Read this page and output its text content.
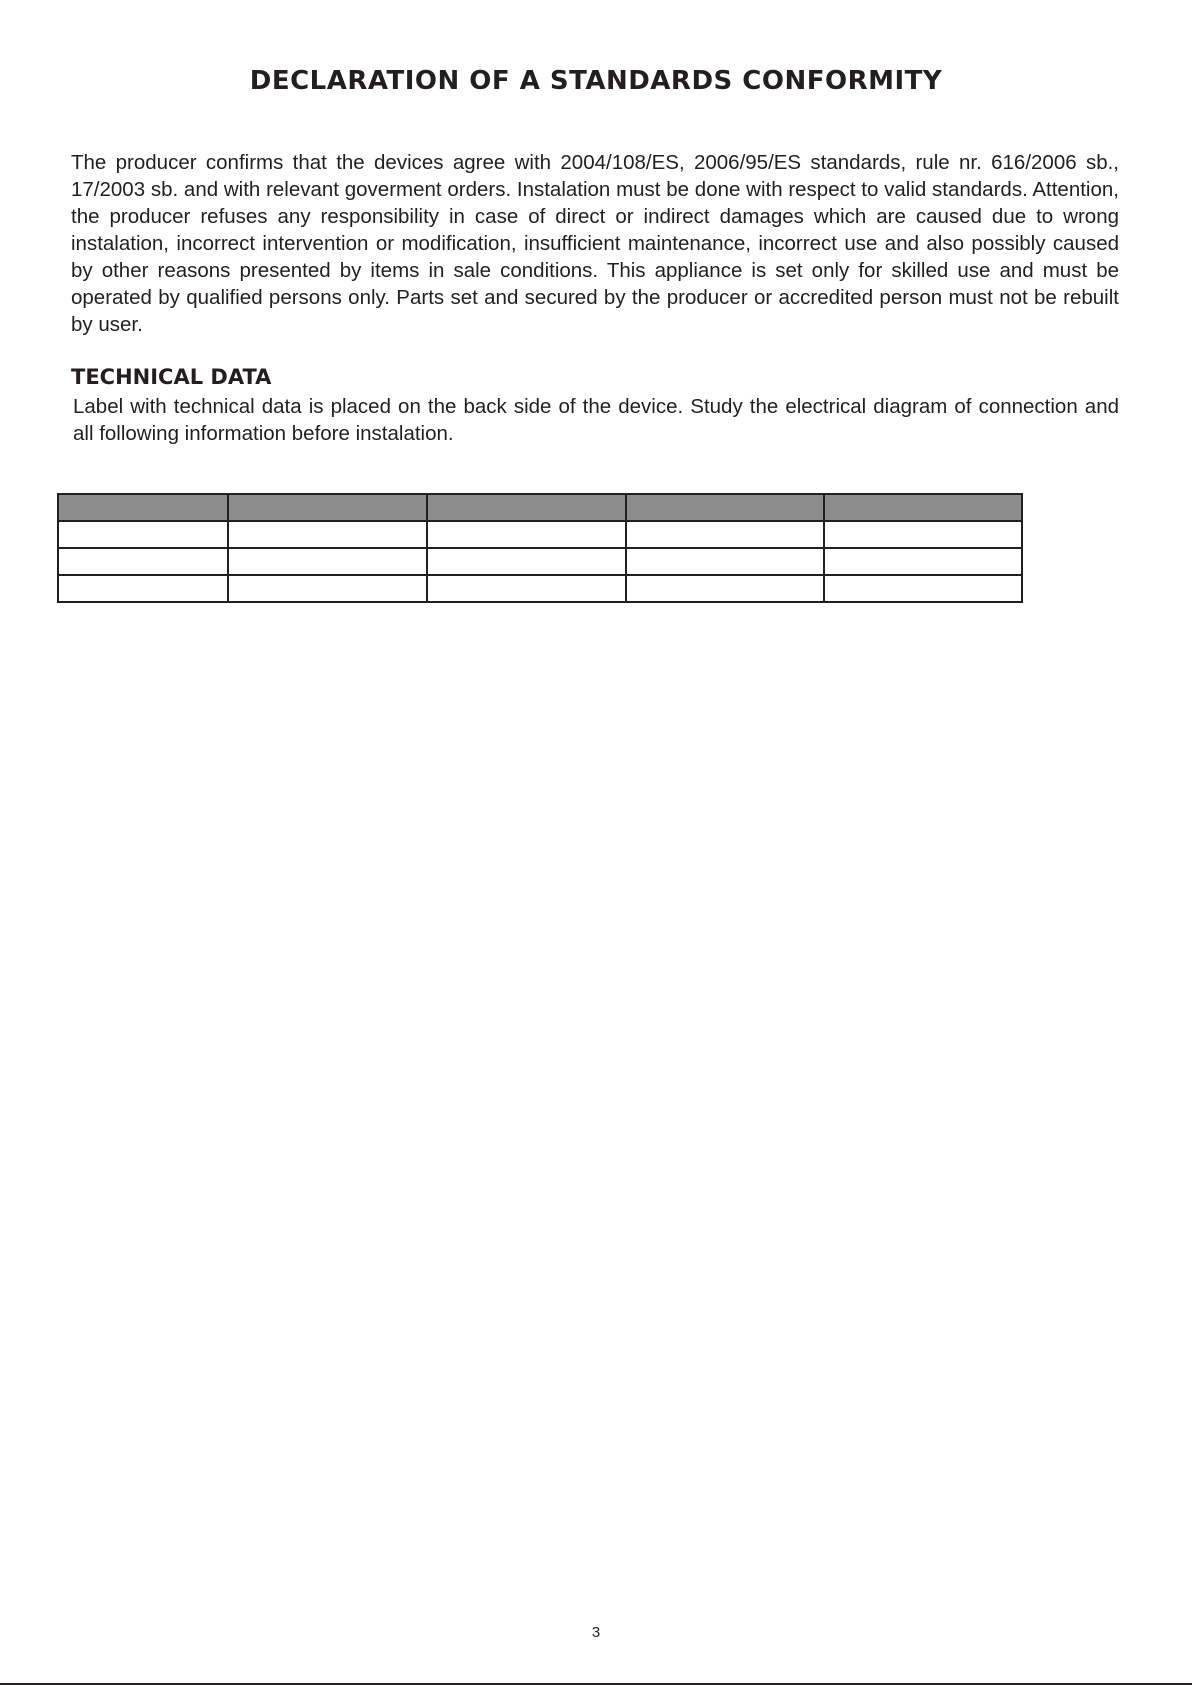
DECLARATION OF A STANDARDS CONFORMITY

The producer confirms that the devices agree with 2004/108/ES, 2006/95/ES standards, rule nr. 616/2006 sb., 17/2003 sb. and with relevant goverment orders. Instalation must be done with respect to valid standards. Attention, the producer refuses any responsibility in case of direct or indirect damages which are caused due to wrong instalation, incorrect intervention or modification, insufficient maintenance, incorrect use and also possibly caused by other reasons presented by items in sale conditions. This appliance is set only for skilled use and must be operated by qualified persons only. Parts set and secured by the producer or accredited person must not be rebuilt by user.

TECHNICAL DATA

Label with technical data is placed on the back side of the device. Study the electrical diagram of connection and all following information before instalation.

3
